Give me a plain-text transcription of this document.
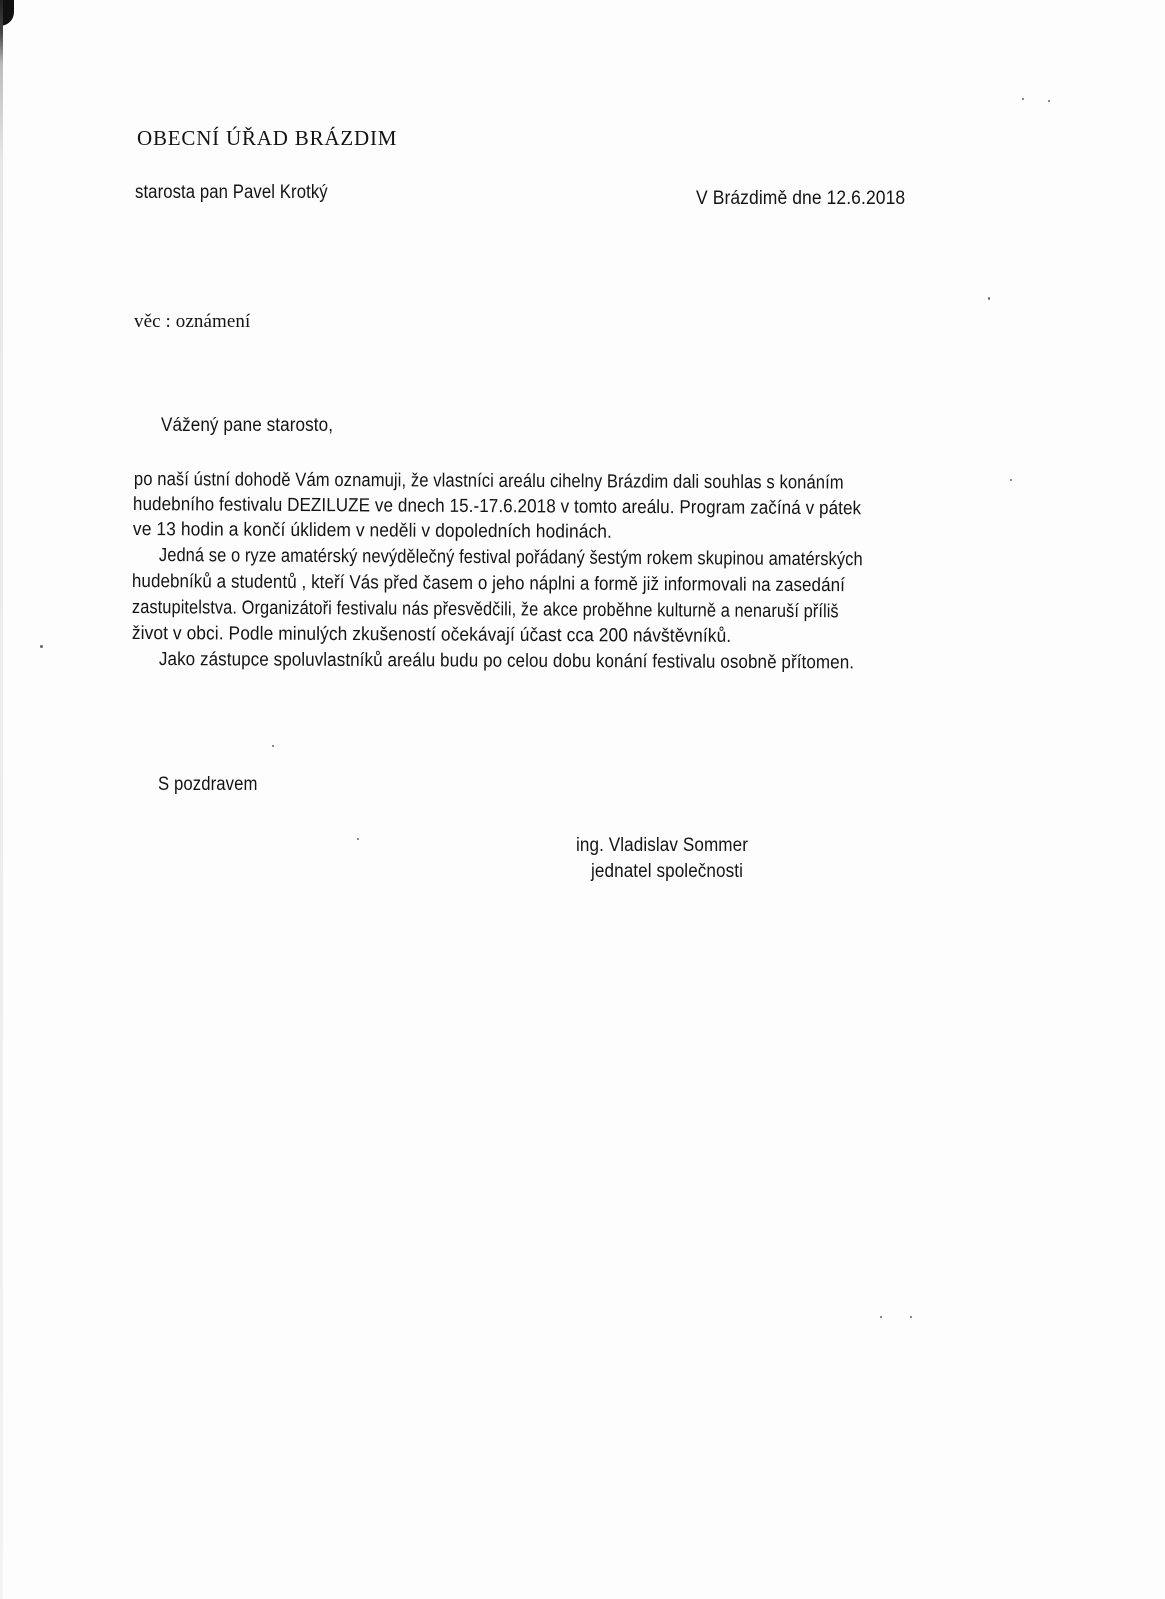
OBECNÍ ÚŘAD BRÁZDIM
starosta pan Pavel Krotký	V Brázdimě dne 12.6.2018
věc : oznámení
Vážený pane starosto,
po naší ústní dohodě Vám oznamuji, že vlastníci areálu cihelny Brázdim dali souhlas s konáním
hudebního festivalu DEZILUZE ve dnech 15.-17.6.2018 v tomto areálu. Program začíná v pátek
ve 13 hodin a končí úklidem v neděli v dopoledních hodinách.
Jedná se o ryze amatérský nevýdělečný festival pořádaný šestým rokem skupinou amatérských
hudebníků a studentů , kteří Vás před časem o jeho náplni a formě již informovali na zasedání
zastupitelstva. Organizátoři festivalu nás přesvědčili, že akce proběhne kulturně a nenaruší příliš
život v obci. Podle minulých zkušeností očekávají účast cca 200 návštěvníků.
Jako zástupce spoluvlastníků areálu budu po celou dobu konání festivalu osobně přítomen.
S pozdravem
ing. Vladislav Sommer
jednatel společnosti
